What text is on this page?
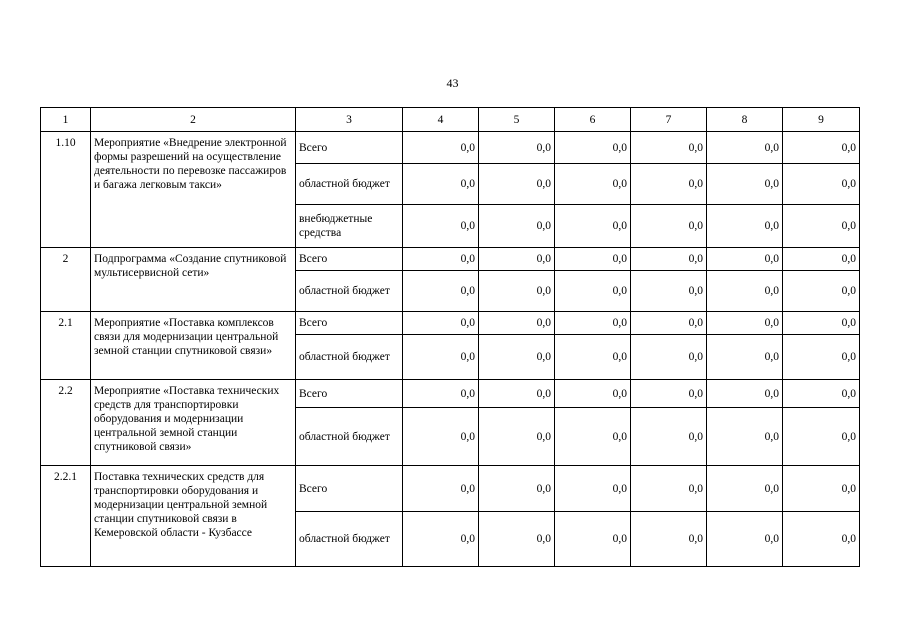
43
1	2	3	4	5	6	7	8	9
1.10	Мероприятие «Внедрение электронной формы разрешений на осуществление деятельности по перевозке пассажиров и багажа легковым такси»	Всего	0,0	0,0	0,0	0,0	0,0	0,0
		областной бюджет	0,0	0,0	0,0	0,0	0,0	0,0
		внебюджетные средства	0,0	0,0	0,0	0,0	0,0	0,0
2	Подпрограмма «Создание спутниковой мультисервисной сети»	Всего	0,0	0,0	0,0	0,0	0,0	0,0
		областной бюджет	0,0	0,0	0,0	0,0	0,0	0,0
2.1	Мероприятие «Поставка комплексов связи для модернизации центральной земной станции спутниковой связи»	Всего	0,0	0,0	0,0	0,0	0,0	0,0
		областной бюджет	0,0	0,0	0,0	0,0	0,0	0,0
2.2	Мероприятие «Поставка технических средств для транспортировки оборудования и модернизации центральной земной станции спутниковой связи»	Всего	0,0	0,0	0,0	0,0	0,0	0,0
		областной бюджет	0,0	0,0	0,0	0,0	0,0	0,0
2.2.1	Поставка технических средств для транспортировки оборудования и модернизации центральной земной станции спутниковой связи в Кемеровской области - Кузбассе	Всего	0,0	0,0	0,0	0,0	0,0	0,0
		областной бюджет	0,0	0,0	0,0	0,0	0,0	0,0
